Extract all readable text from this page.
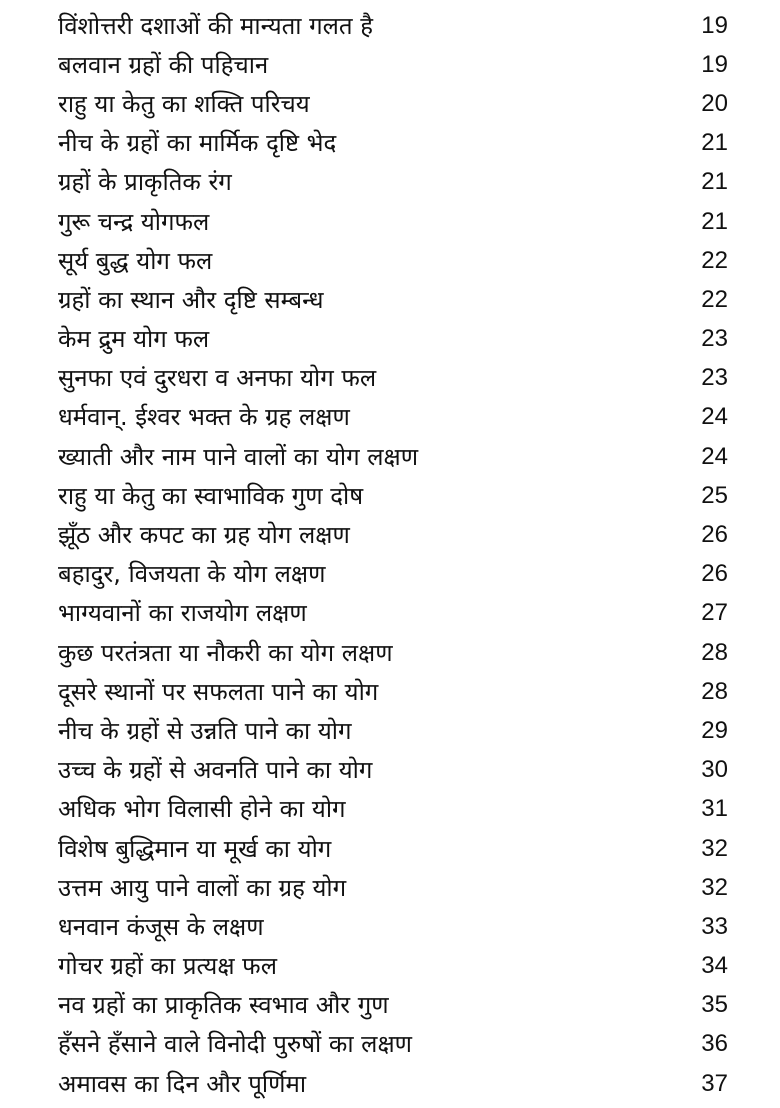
विंशोत्तरी दशाओं की मान्यता गलत है	19
बलवान ग्रहों की पहिचान	19
राहु या केतु का शक्ति परिचय	20
नीच के ग्रहों का मार्मिक दृष्टि भेद	21
ग्रहों के प्राकृतिक रंग	21
गुरू चन्द्र योगफल	21
सूर्य बुद्ध योग फल	22
ग्रहों का स्थान और दृष्टि सम्बन्ध	22
केम द्रुम योग फल	23
सुनफा एवं दुरधरा व अनफा योग फल	23
धर्मवान्. ईश्वर भक्त के ग्रह लक्षण	24
ख्याती और नाम पाने वालों का योग लक्षण	24
राहु या केतु का स्वाभाविक गुण दोष	25
झूँठ और कपट का ग्रह योग लक्षण	26
बहादुर, विजयता के योग लक्षण	26
भाग्यवानों का राजयोग लक्षण	27
कुछ परतंत्रता या नौकरी का योग लक्षण	28
दूसरे स्थानों पर सफलता पाने का योग	28
नीच के ग्रहों से उन्नति पाने का योग	29
उच्च के ग्रहों से अवनति पाने का योग	30
अधिक भोग विलासी होने का योग	31
विशेष बुद्धिमान या मूर्ख का योग	32
उत्तम आयु पाने वालों का ग्रह योग	32
धनवान कंजूस के लक्षण	33
गोचर ग्रहों का प्रत्यक्ष फल	34
नव ग्रहों का प्राकृतिक स्वभाव और गुण	35
हँसने हँसाने वाले विनोदी पुरुषों का लक्षण	36
अमावस का दिन और पूर्णिमा	37
